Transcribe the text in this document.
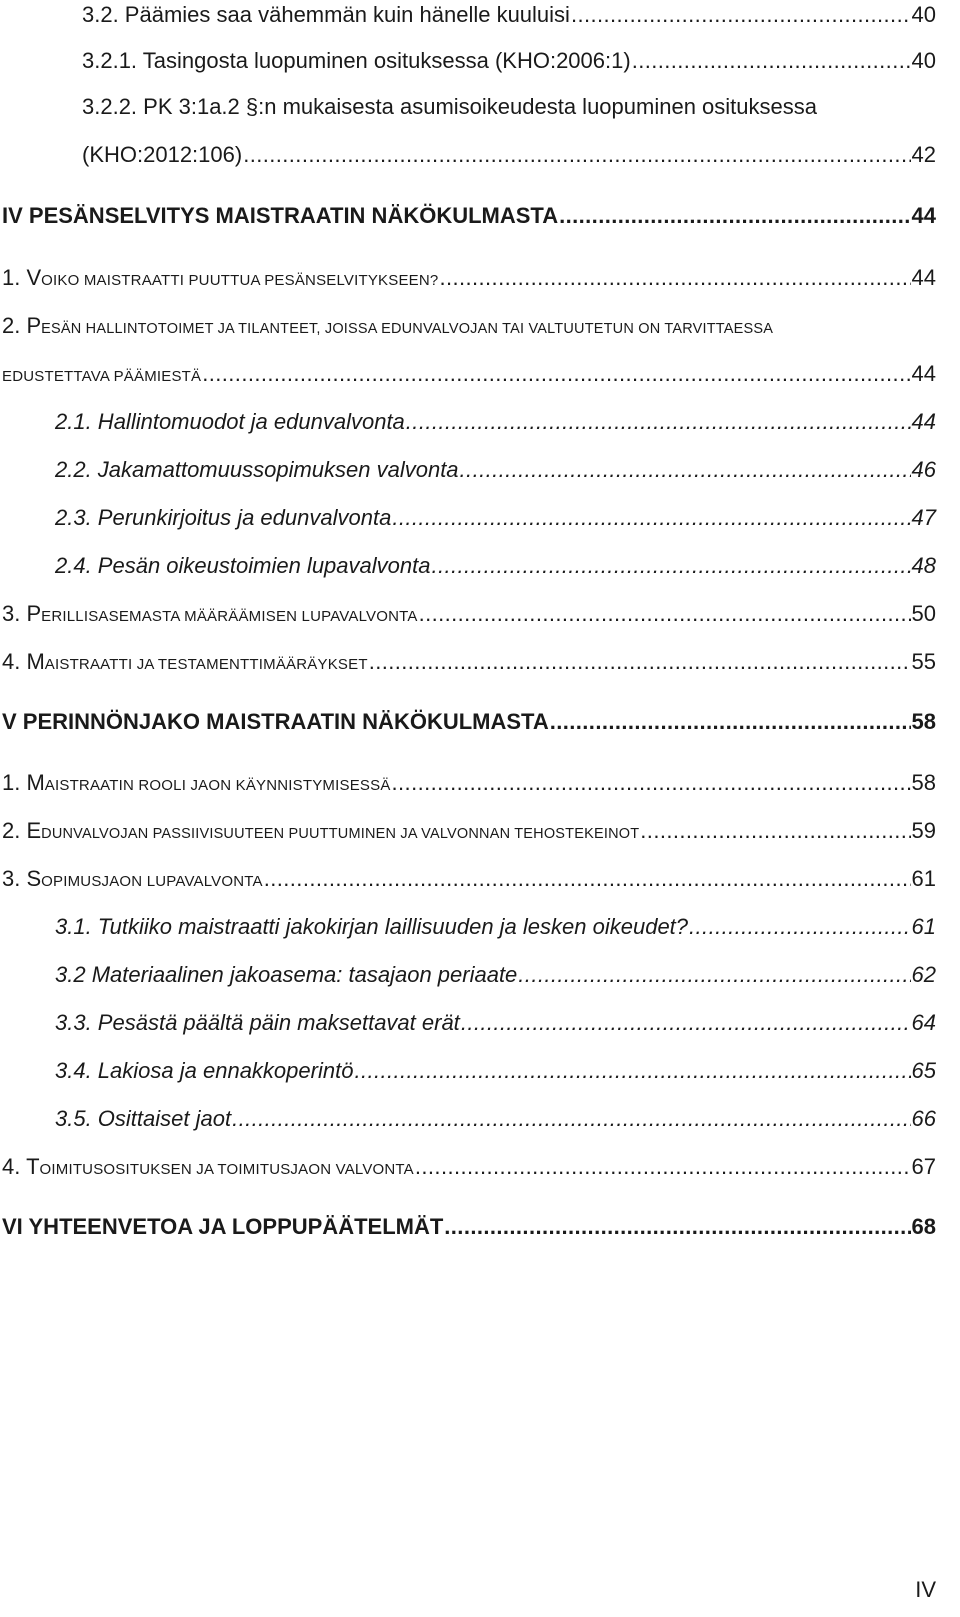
3.2. Päämies saa vähemmän kuin hänelle kuuluisi .....	40
3.2.1. Tasingosta luopuminen osituksessa (KHO:2006:1) .....	40
3.2.2. PK 3:1a.2 §:n mukaisesta asumisoikeudesta luopuminen osituksessa
(KHO:2012:106) .....	42
IV PESÄNSELVITYS MAISTRAATIN NÄKÖKULMASTA .....	44
1. VOIKO MAISTRAATTI PUUTTUA PESÄNSELVITYKSEEN? .....	44
2. PESÄN HALLINTOTOIMET JA TILANTEET, JOISSA EDUNVALVOJAN TAI VALTUUTETUN ON TARVITTAESSA
EDUSTETTAVA PÄÄMIESTÄ .....	44
2.1. Hallintomuodot ja edunvalvonta .....	44
2.2. Jakamattomuussopimuksen valvonta .....	46
2.3. Perunkirjoitus ja edunvalvonta .....	47
2.4. Pesän oikeustoimien lupavalvonta .....	48
3. PERILLISASEMASTA MÄÄRÄÄMISEN LUPAVALVONTA .....	50
4. MAISTRAATTI JA TESTAMENTTIMÄÄRÄYKSET .....	55
V PERINNÖNJAKO MAISTRAATIN NÄKÖKULMASTA .....	58
1. MAISTRAATIN ROOLI JAON KÄYNNISTYMISESSÄ .....	58
2. EDUNVALVOJAN PASSIIVISUUTEEN PUUTTUMINEN JA VALVONNAN TEHOSTEKEINOT .....	59
3. SOPIMUSJAON LUPAVALVONTA .....	61
3.1. Tutkiiko maistraatti jakokirjan laillisuuden ja lesken oikeudet? .....	61
3.2 Materiaalinen jakoasema: tasajaon periaate .....	62
3.3. Pesästä päältä päin maksettavat erät .....	64
3.4. Lakiosa ja ennakkoperintö .....	65
3.5. Osittaiset jaot .....	66
4. TOIMITUSOSITUKSEN JA TOIMITUSJAON VALVONTA .....	67
VI YHTEENVETOA JA LOPPUPÄÄTELMÄT .....	68
IV
